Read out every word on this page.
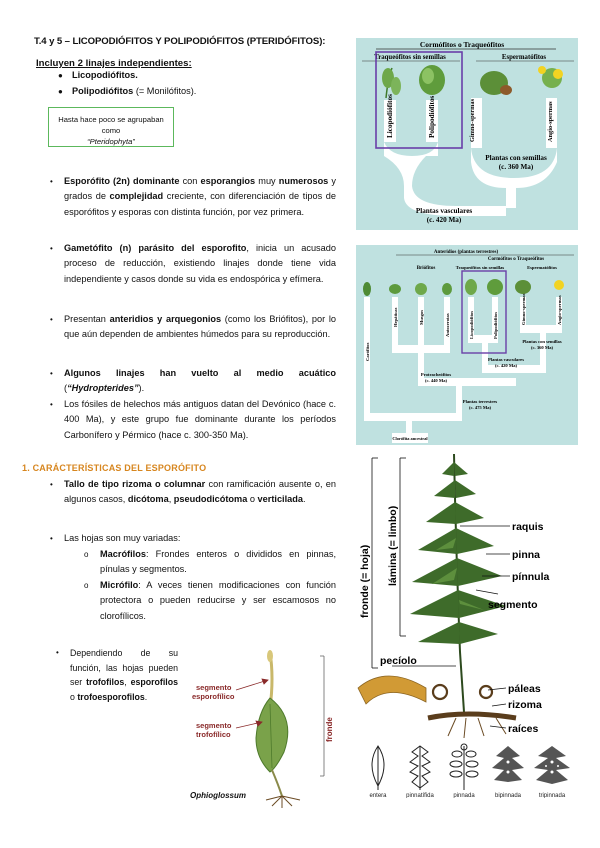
T.4 y 5 – LICOPODIÓFITOS Y POLIPODIÓFITOS (PTERIDÓFITOS):
Incluyen 2 linajes independientes:
● Licopodiófitos.
● Polipodiófitos (= Monilófitos).
Hasta hace poco se agrupaban como
“Pteridophyta”
• Esporófito (2n) dominante con esporangios muy numerosos y grados de complejidad creciente, con diferenciación de tipos de esporófitos y esporas con distinta función, por vez primera.
• Gametófito (n) parásito del esporofito, inicia un acusado proceso de reducción, existiendo linajes donde tiene vida independiente y casos donde su vida es endospórica y efímera.
• Presentan anteridios y arquegonios (como los Briófitos), por lo que aún dependen de ambientes húmedos para su reproducción.
• Algunos linajes han vuelto al medio acuático (“Hydropterides”).
• Los fósiles de helechos más antiguos datan del Devónico (hace c. 400 Ma), y este grupo fue dominante durante los períodos Carbonífero y Pérmico (hace c. 300-350 Ma).
1. CARÁCTERÍSTICAS DEL ESPORÓFITO
• Tallo de tipo rizoma o columnar con ramificación ausente o, en algunos casos, dicótoma, pseudodicótoma o verticilada.
• Las hojas son muy variadas:
o Macrófilos: Frondes enteros o divididos en pinnas, pínulas y segmentos.
o Micrófilo: A veces tienen modificaciones con función protectora o pueden reducirse y ser escamosos no clorofílicos.
• Dependiendo de su función, las hojas pueden ser trofofilos, esporofilos o trofoesporofilos.
Cormófitos o Traqueófitos
Traqueófitos sin semillas	Espermatófitos
Licopodiófitos	Polipodiófitos	Gimno-spermas	Angio-spermas
Plantas con semillas
(c. 360 Ma)
Plantas vasculares
(c. 420 Ma)
Anteridios (plantas terrestres)
Cormófitos o Traqueófitos
Briófitos	Traqueófitos sin semillas	Espermatófitos
Carófitos
Hepáticas	Musgos	Antocerotas	Licopodiófitos	Polipodiófitos
Gimno-spermas	Angio-spermas
Plantas con semillas
(c. 360 Ma)
Plantas vasculares
(c. 420 Ma)
Protracheófitos
(c. 440 Ma)
Plantas terrestres
(c. 475 Ma)
Clorófita ancestral
fronde (= hoja) lámina (= limbo)	raquis
pinna
pínnula
segmento
pecíolo
páleas
rizoma
raíces
entera	pinnatífida	pinnada	bipinnada	tripinnada
segmento
esporofílico
segmento
trofofílico	fronde
Ophioglossum
